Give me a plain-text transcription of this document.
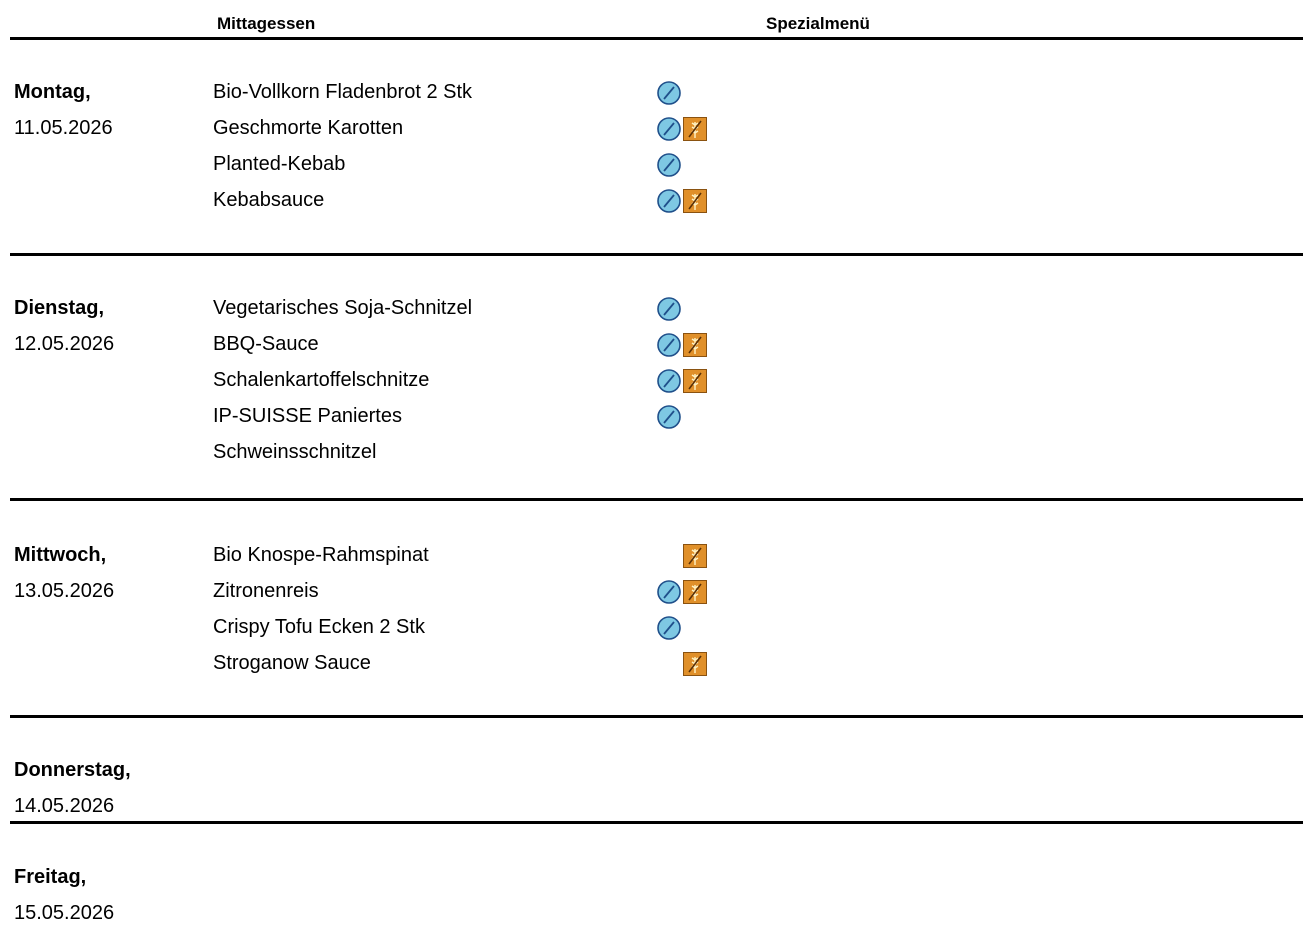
Mittagessen	Spezialmenü
Montag,
11.05.2026
Bio-Vollkorn Fladenbrot 2 Stk
Geschmorte Karotten
Planted-Kebab
Kebabsauce
Dienstag,
12.05.2026
Vegetarisches Soja-Schnitzel
BBQ-Sauce
Schalenkartoffelschnitze
IP-SUISSE Paniertes Schweinsschnitzel
Mittwoch,
13.05.2026
Bio Knospe-Rahmspinat
Zitronenreis
Crispy Tofu Ecken 2 Stk
Stroganow Sauce
Donnerstag,
14.05.2026
Freitag,
15.05.2026
